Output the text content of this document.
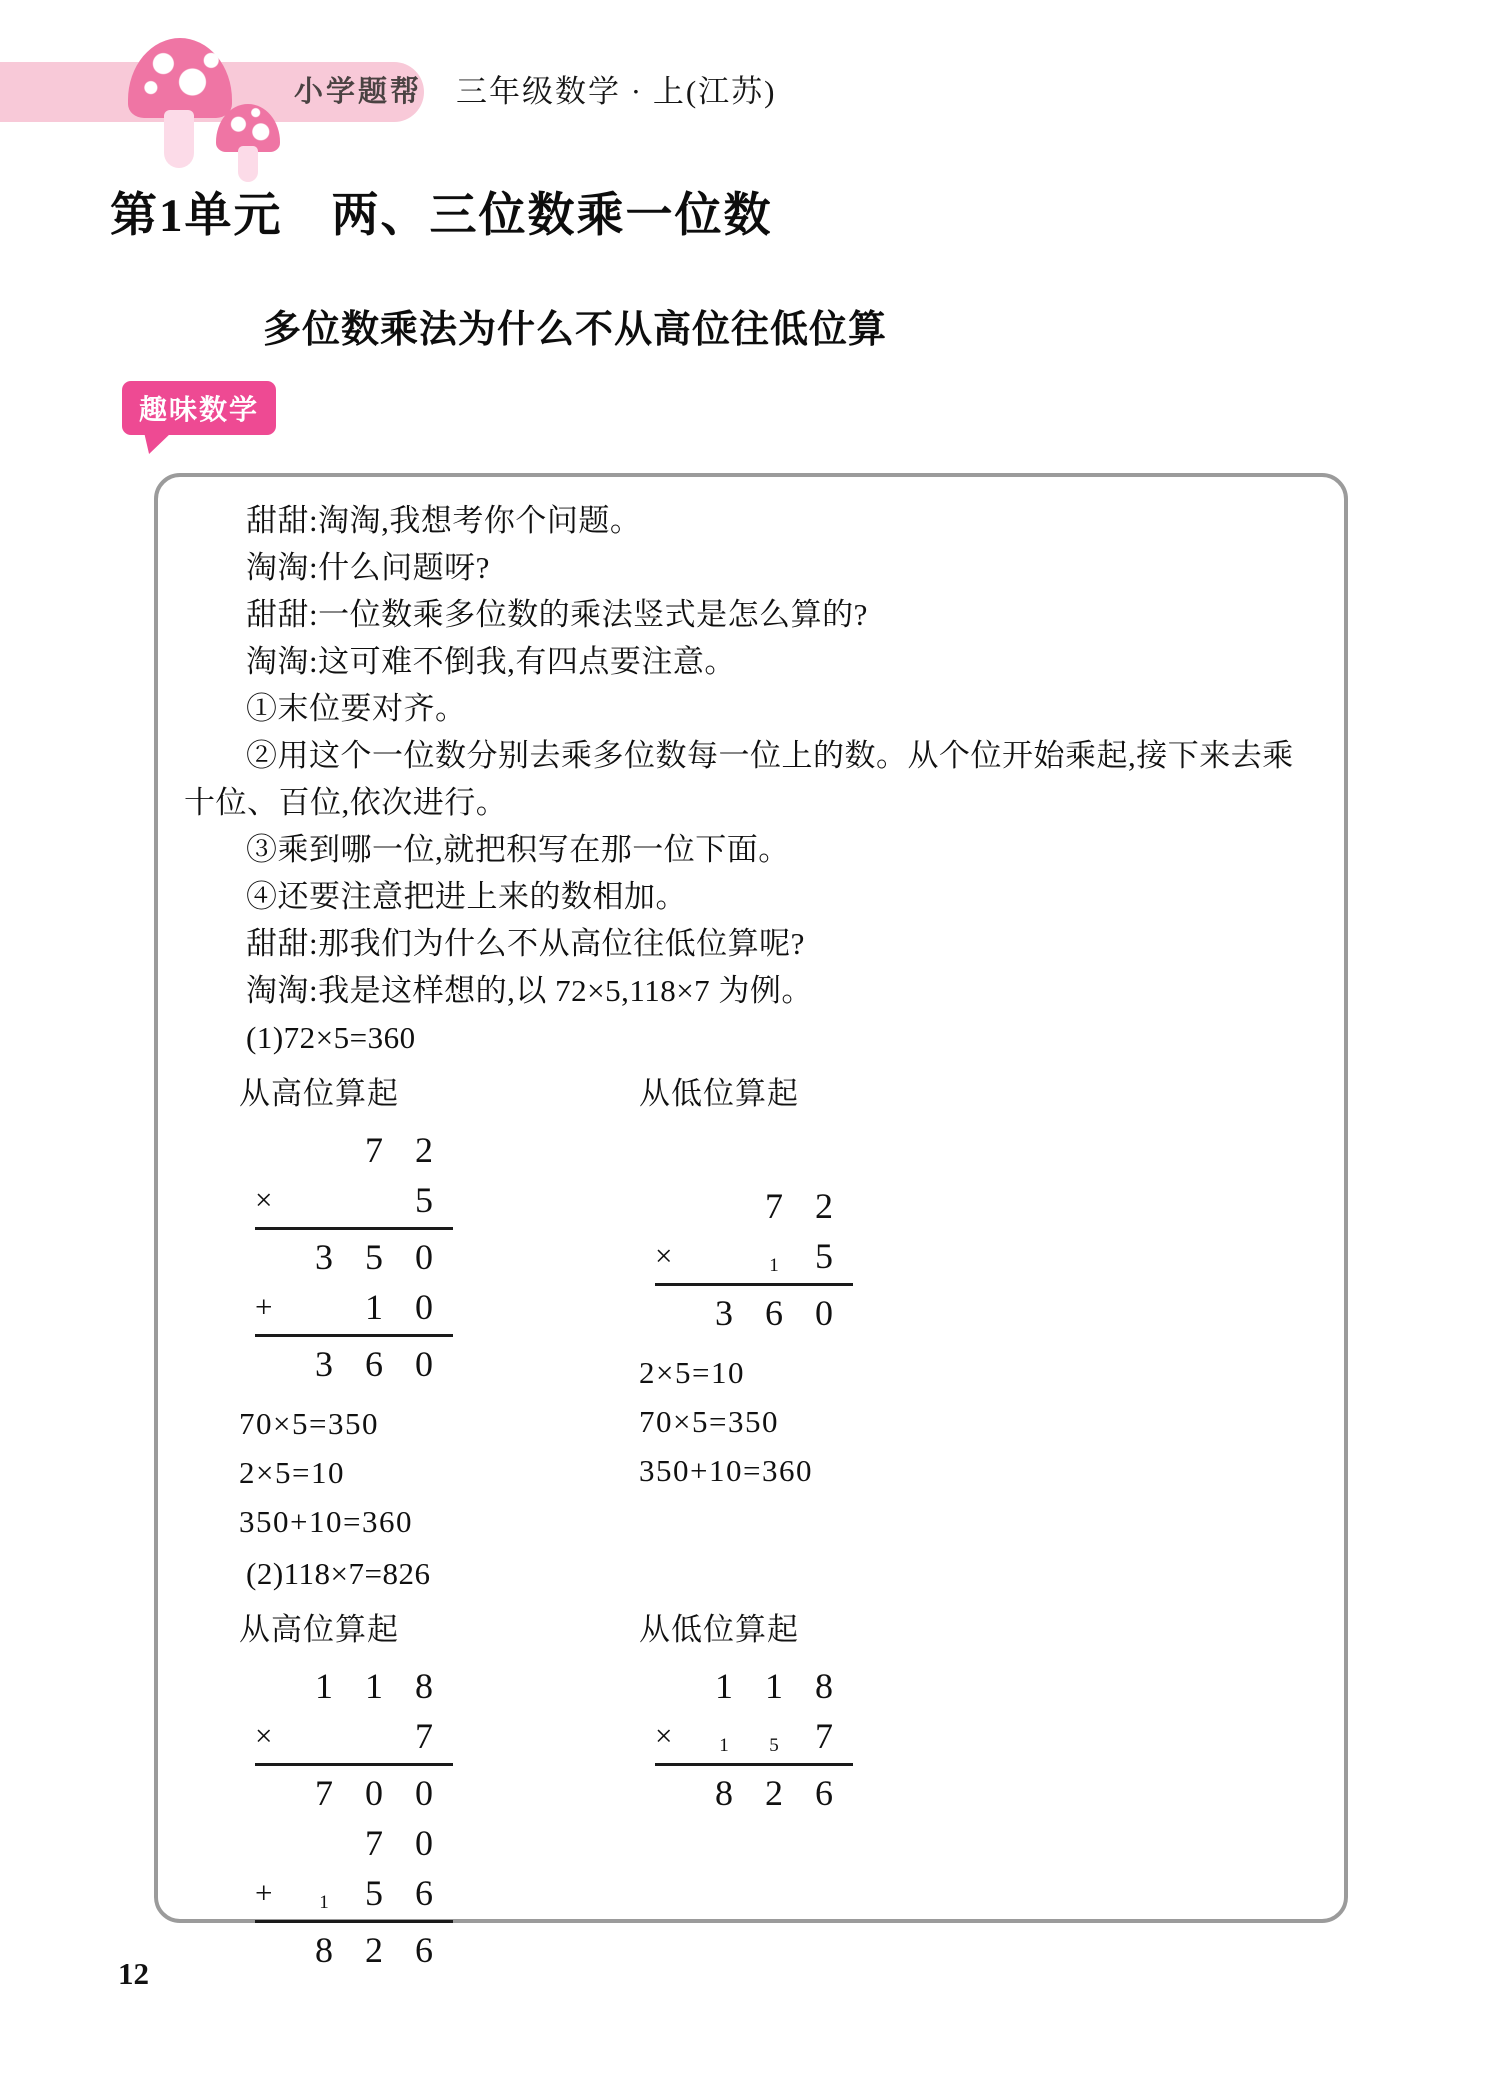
小学题帮 三年级数学 · 上(江苏)
第1单元　两、三位数乘一位数
多位数乘法为什么不从高位往低位算
趣味数学

甜甜:淘淘,我想考你个问题。

淘淘:什么问题呀?

甜甜:一位数乘多位数的乘法竖式是怎么算的?

淘淘:这可难不倒我,有四点要注意。

①末位要对齐。

②用这个一位数分别去乘多位数每一位上的数。从个位开始乘起,接下来去乘十位、百位,依次进行。

③乘到哪一位,就把积写在那一位下面。

④还要注意把进上来的数相加。

甜甜:那我们为什么不从高位往低位算呢?

淘淘:我是这样想的,以 72×5,118×7 为例。

(1)72×5=360

从高位算起
7 2
×	5
3 5 0
+	1 0
3 6 0
70×5=350
2×5=10
350+10=360
从低位算起
7 2
×	1	5
3 6 0
2×5=10
70×5=350
350+10=360

(2)118×7=826

从高位算起
1 1 8
×	7
7 0 0
7 0
+	1	5 6
8 2 6
从低位算起
1 1 8
×	1	5	7
8 2 6
12
